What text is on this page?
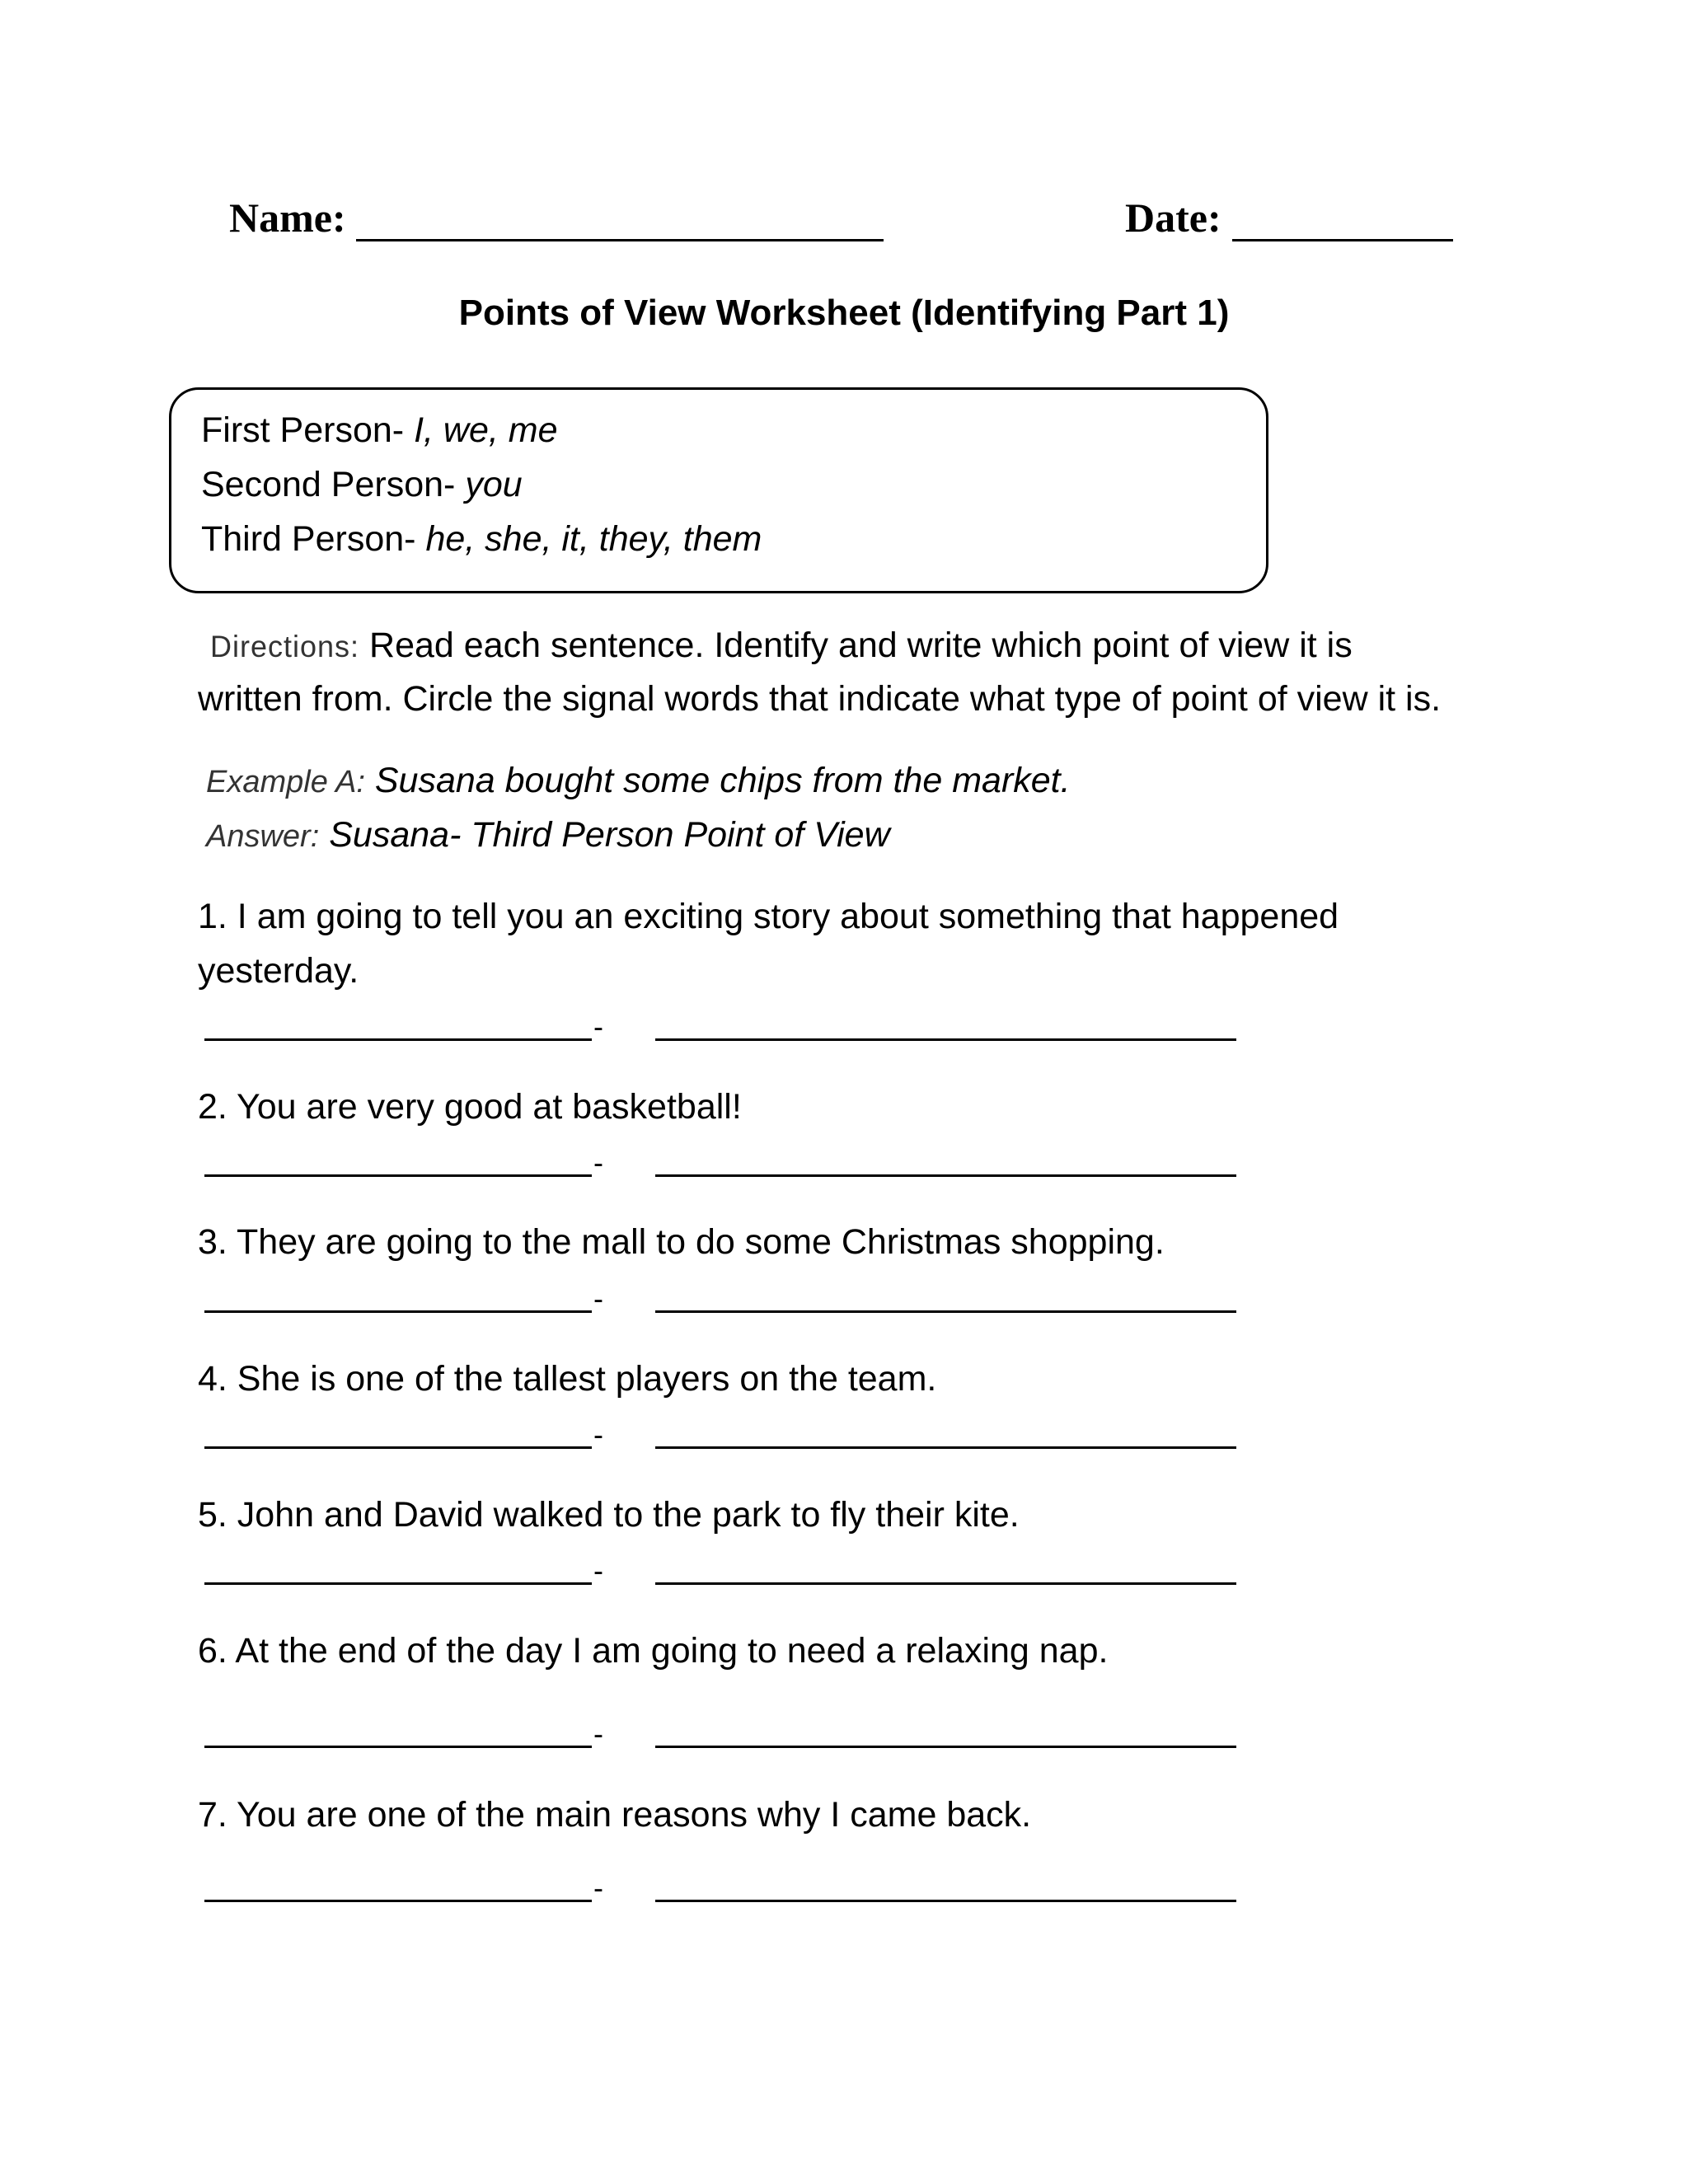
Name:	Date:
Points of View Worksheet (Identifying Part 1)
First Person- I, we, me
Second Person- you
Third Person- he, she, it, they, them
Directions: Read each sentence. Identify and write which point of view it is
written from. Circle the signal words that indicate what type of point of view it is.
Example A: Susana bought some chips from the market.
Answer: Susana- Third Person Point of View
1. I am going to tell you an exciting story about something that happened
yesterday.
-
2. You are very good at basketball!
-
3. They are going to the mall to do some Christmas shopping.
-
4. She is one of the tallest players on the team.
-
5. John and David walked to the park to fly their kite.
-
6. At the end of the day I am going to need a relaxing nap.
-
7. You are one of the main reasons why I came back.
-
